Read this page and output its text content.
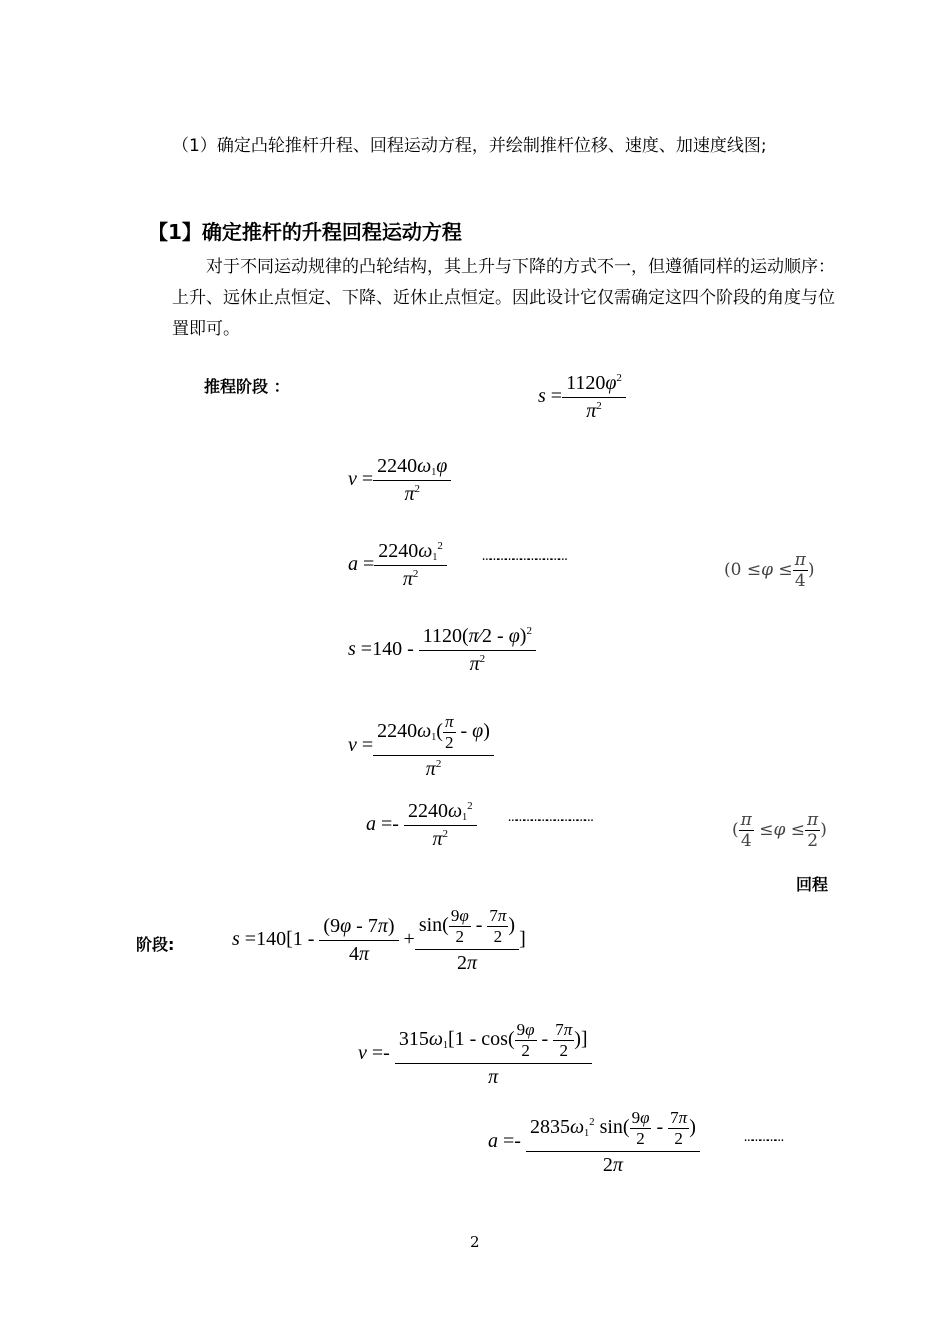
（1）确定凸轮推杆升程、回程运动方程，并绘制推杆位移、速度、加速度线图;
【1】确定推杆的升程回程运动方程
对于不同运动规律的凸轮结构，其上升与下降的方式不一，但遵循同样的运动顺序：上升、远休止点恒定、下降、近休止点恒定。因此设计它仅需确定这四个阶段的角度与位置即可。
推程阶段 ：	$s = \frac{1120\varphi^2}{\pi^2}$
$v = \frac{2240\omega_1\varphi}{\pi^2}$
$a = \frac{2240\omega_1^2}{\pi^2}$ ……………………………
($0 \le\varphi \le \frac{\pi}{4}$ )
$s =140 - \frac{1120(\pi⁄2 - \varphi)^2}{\pi^2}$
$v = \frac{2240\omega_1( \frac{\pi}{2} - \varphi)}{\pi^2}$
$a =- \frac{2240\omega_1^2}{\pi^2}$ ……………………………
( $\frac{\pi}{4} \le\varphi \le \frac{\pi}{2}$ )
回程
阶段:	$s =140[1 - \frac{(9\varphi - 7\pi)}{4\pi} + \frac{\sin( \frac{9\varphi}{2} - \frac{7\pi}{2} )}{2\pi}$ ]
$v =- \frac{315\omega_1[1 - \cos( \frac{9\varphi}{2} - \frac{7\pi}{2} )]}{\pi}$
$a =- \frac{2835\omega_1^2 \sin( \frac{9\varphi}{2} - \frac{7\pi}{2} )}{2\pi}$	……………
2
